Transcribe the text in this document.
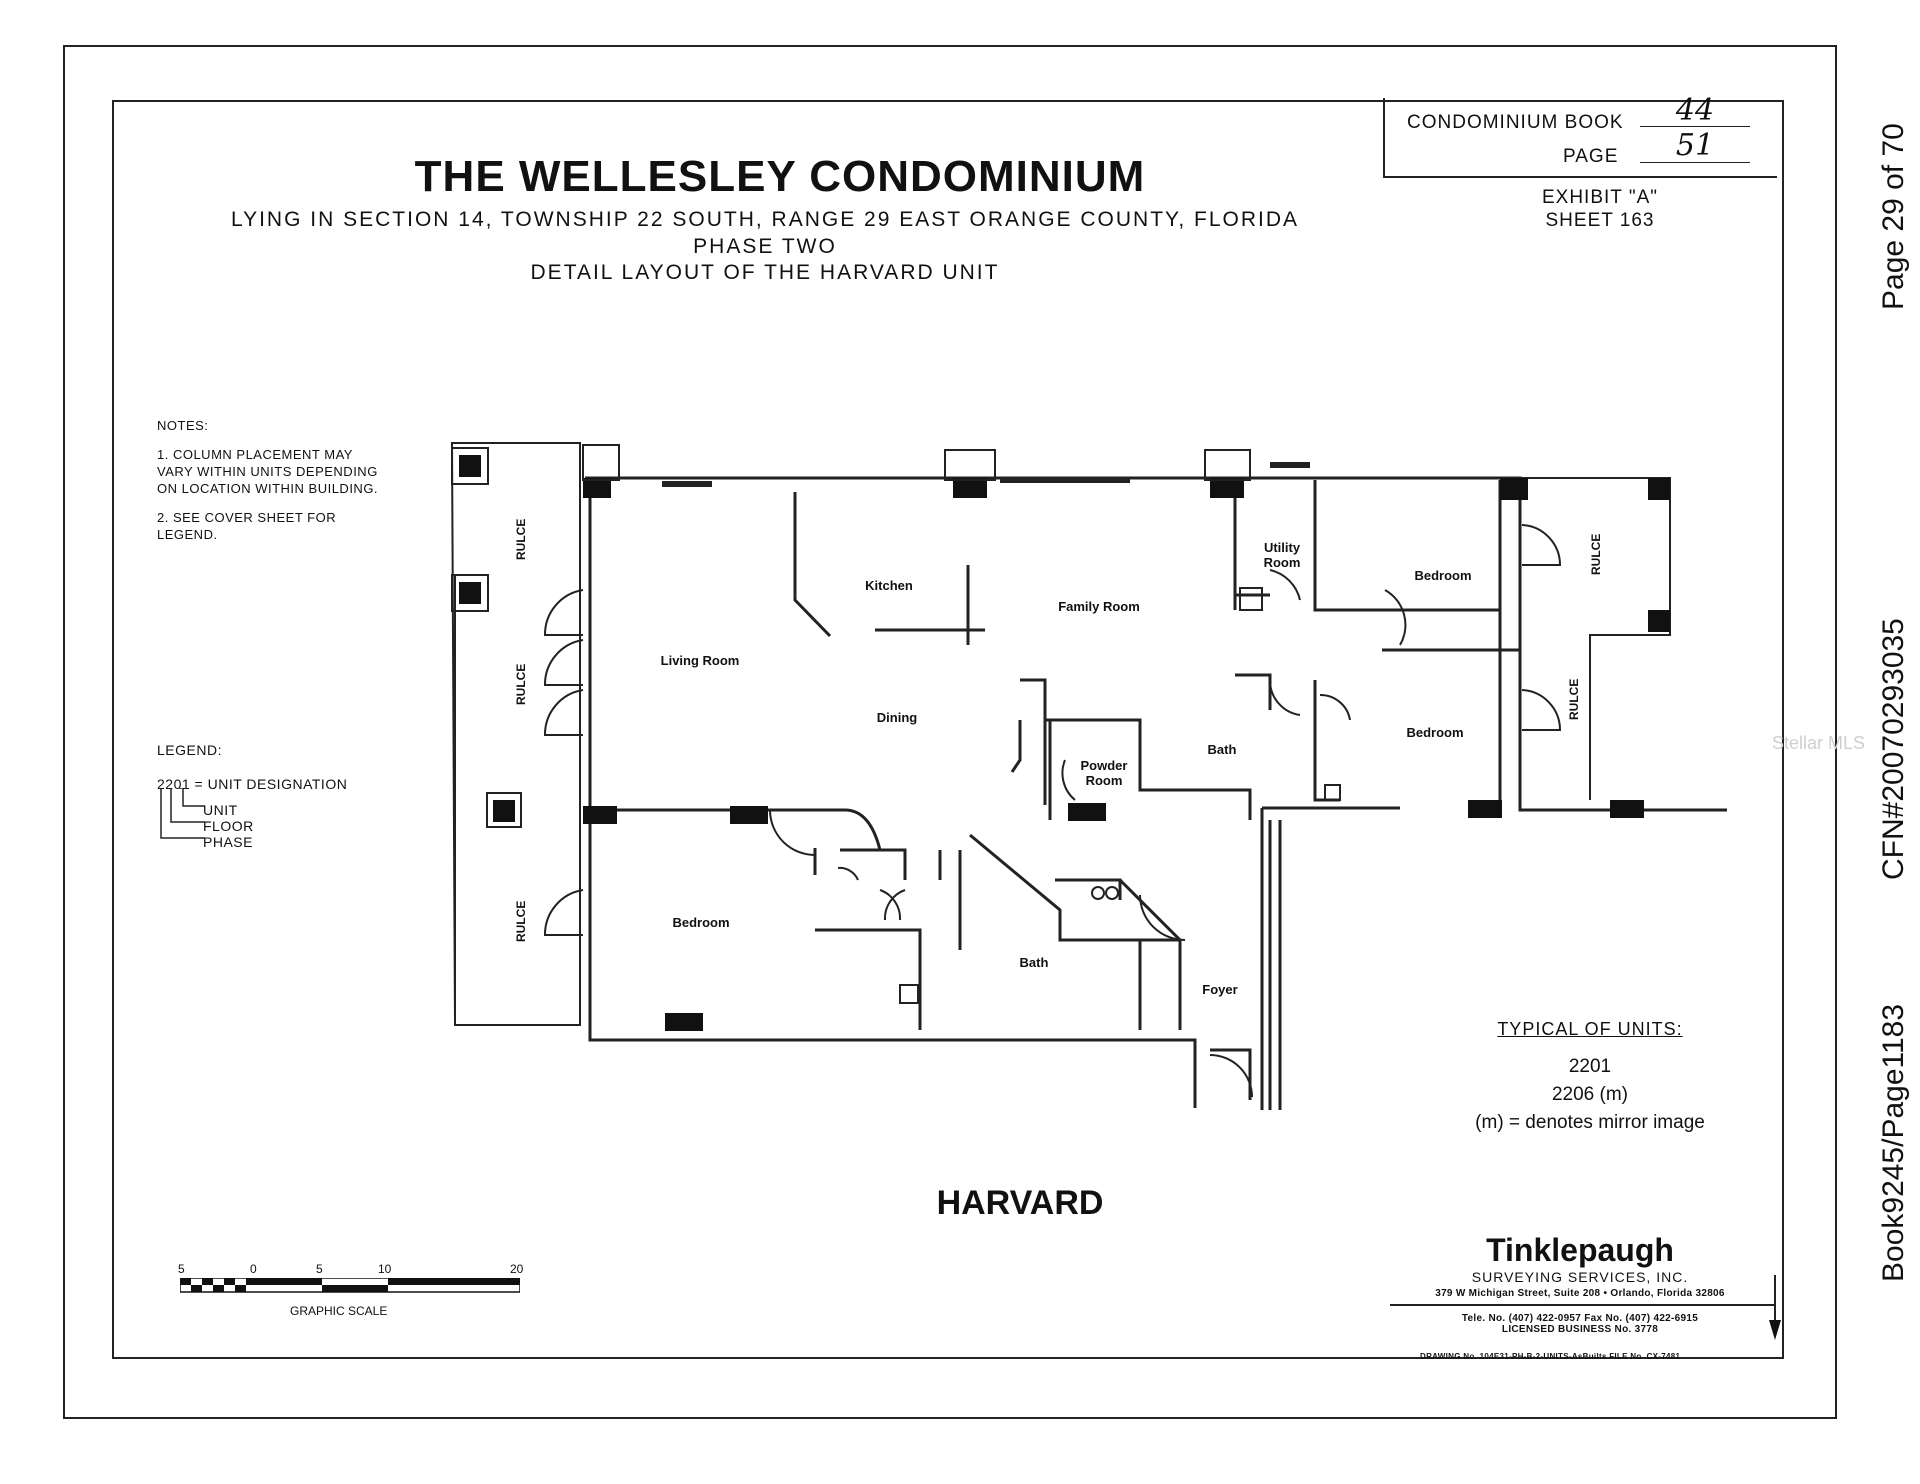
THE WELLESLEY CONDOMINIUM
LYING IN SECTION 14, TOWNSHIP 22 SOUTH, RANGE 29 EAST ORANGE COUNTY, FLORIDA
PHASE TWO
DETAIL LAYOUT OF THE HARVARD UNIT
CONDOMINIUM BOOK	44
PAGE	51
EXHIBIT "A"
SHEET 163	Page 29 of 70
CFN#20070293035
Book9245/Page1183
Stellar MLS

NOTES:

1. COLUMN PLACEMENT MAY VARY WITHIN UNITS DEPENDING ON LOCATION WITHIN BUILDING.

2. SEE COVER SHEET FOR LEGEND.

LEGEND:
2201 = UNIT DESIGNATION
UNIT
FLOOR
PHASE
Kitchen
Family Room
Utility
Room
Bedroom
Living Room
Dining
Powder
Room
Bath
Bedroom
Bedroom
Bath
Foyer
RULCE
RULCE
RULCE
RULCE
RULCE
5	0	5	10	20
GRAPHIC SCALE
TYPICAL OF UNITS:
2201
2206 (m)
(m) = denotes mirror image
HARVARD
Tinklepaugh
SURVEYING SERVICES, INC.
379 W Michigan Street, Suite 208 • Orlando, Florida 32806
Tele. No. (407) 422-0957 Fax No. (407) 422-6915
LICENSED BUSINESS No. 3778
DRAWING No. 104E31-PH-B-2-UNITS-AsBuilts FILE No. CX-7481
